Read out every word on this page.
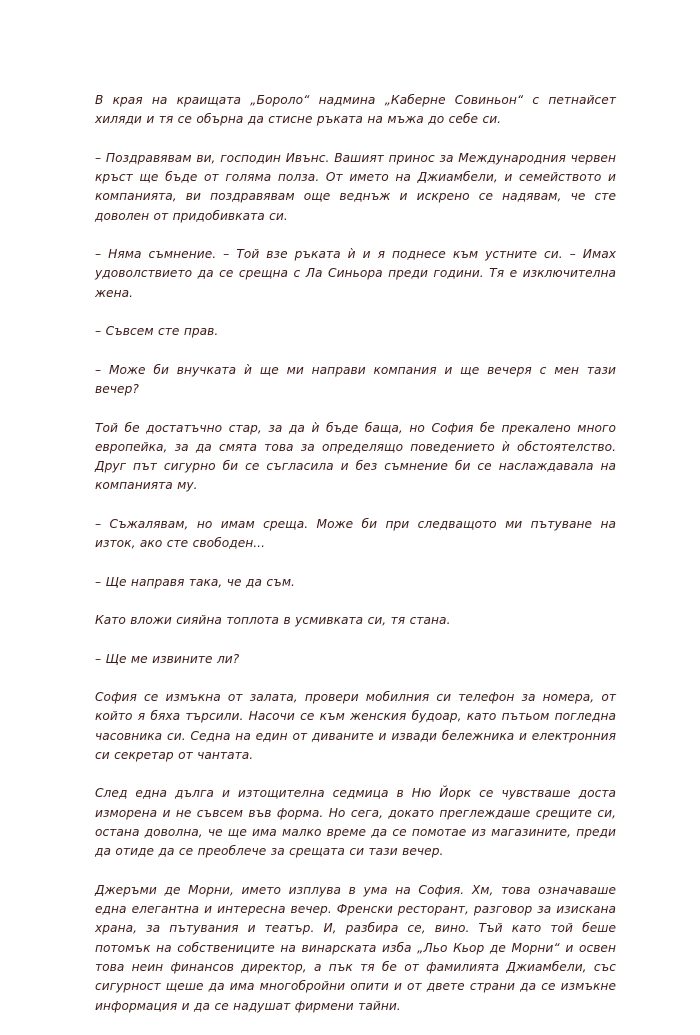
В края на краищата „Бороло“ надмина „Каберне Совиньон“ с петнайсет хиляди и тя се обърна да стисне ръката на мъжа до себе си.

– Поздравявам ви, господин Ивънс. Вашият принос за Международния червен кръст ще бъде от голяма полза. От името на Джиамбели, и семейството и компанията, ви поздравявам още веднъж и искрено се надявам, че сте доволен от придобивката си.

– Няма съмнение. – Той взе ръката ѝ и я поднесе към устните си. – Имах удоволствието да се срещна с Ла Синьора преди години. Тя е изключителна жена.

– Съвсем сте прав.

– Може би внучката ѝ ще ми направи компания и ще вечеря с мен тази вечер?

Той бе достатъчно стар, за да ѝ бъде баща, но София бе прекалено много европейка, за да смята това за определящо поведението ѝ обстоятелство. Друг път сигурно би се съгласила и без съмнение би се наслаждавала на компанията му.

– Съжалявам, но имам среща. Може би при следващото ми пътуване на изток, ако сте свободен...

– Ще направя така, че да съм.

Като вложи сияйна топлота в усмивката си, тя стана.

– Ще ме извините ли?

София се измъкна от залата, провери мобилния си телефон за номера, от който я бяха търсили. Насочи се към женския будоар, като пътьом погледна часовника си. Седна на един от диваните и извади бележника и електронния си секретар от чантата.

След една дълга и изтощителна седмица в Ню Йорк се чувстваше доста изморена и не съвсем във форма. Но сега, докато преглеждаше срещите си, остана доволна, че ще има малко време да се помотае из магазините, преди да отиде да се преоблече за срещата си тази вечер.

Джеръми де Морни, името изплува в ума на София. Хм, това означаваше една елегантна и интересна вечер. Френски ресторант, разговор за изискана храна, за пътувания и театър. И, разбира се, вино. Тъй като той беше потомък на собствениците на винарската изба „Льо Кьор де Морни“ и освен това неин финансов директор, а пък тя бе от фамилията Джиамбели, със сигурност щеше да има многобройни опити и от двете страни да се измъкне информация и да се надушат фирмени тайни.
